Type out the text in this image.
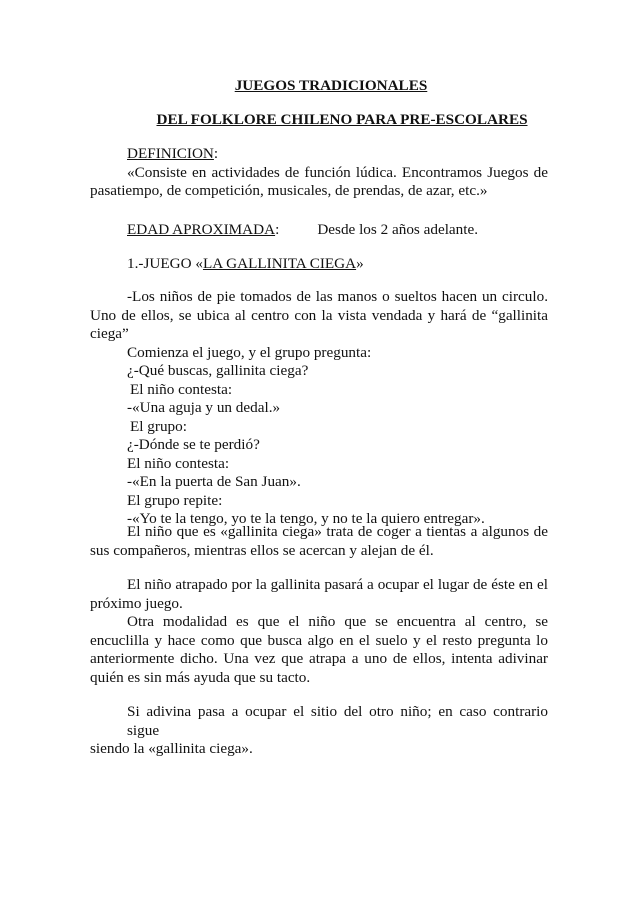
JUEGOS TRADICIONALES
DEL FOLKLORE CHILENO PARA PRE-ESCOLARES
DEFINICION:
«Consiste en actividades de función lúdica. Encontramos Juegos de
pasatiempo, de competición, musicales, de prendas, de azar, etc.»
EDAD APROXIMADA:	Desde los 2 años adelante.
1.-JUEGO «LA GALLINITA CIEGA»
-Los niños de pie tomados de las manos o sueltos hacen un circulo.
Uno de ellos, se ubica al centro con la vista vendada y hará de “gallinita
ciega”
Comienza el juego, y el grupo pregunta:
¿-Qué buscas, gallinita ciega?
El niño contesta:
-«Una aguja y un dedal.»
El grupo:
¿-Dónde se te perdió?
El niño contesta:
-«En la puerta de San Juan».
El grupo repite:
-«Yo te la tengo, yo te la tengo, y no te la quiero entregar».
El niño que es «gallinita ciega» trata de coger a tientas a algunos de
sus compañeros, mientras ellos se acercan y alejan de él.
El niño atrapado por la gallinita pasará a ocupar el lugar de éste en el
próximo juego.
Otra modalidad es que el niño que se encuentra al centro, se
encuclilla y hace como que busca algo en el suelo y el resto pregunta lo
anteriormente dicho. Una vez que atrapa a uno de ellos, intenta adivinar
quién es sin más ayuda que su tacto.
Si adivina pasa a ocupar el sitio del otro niño; en caso contrario sigue
siendo la «gallinita ciega».
